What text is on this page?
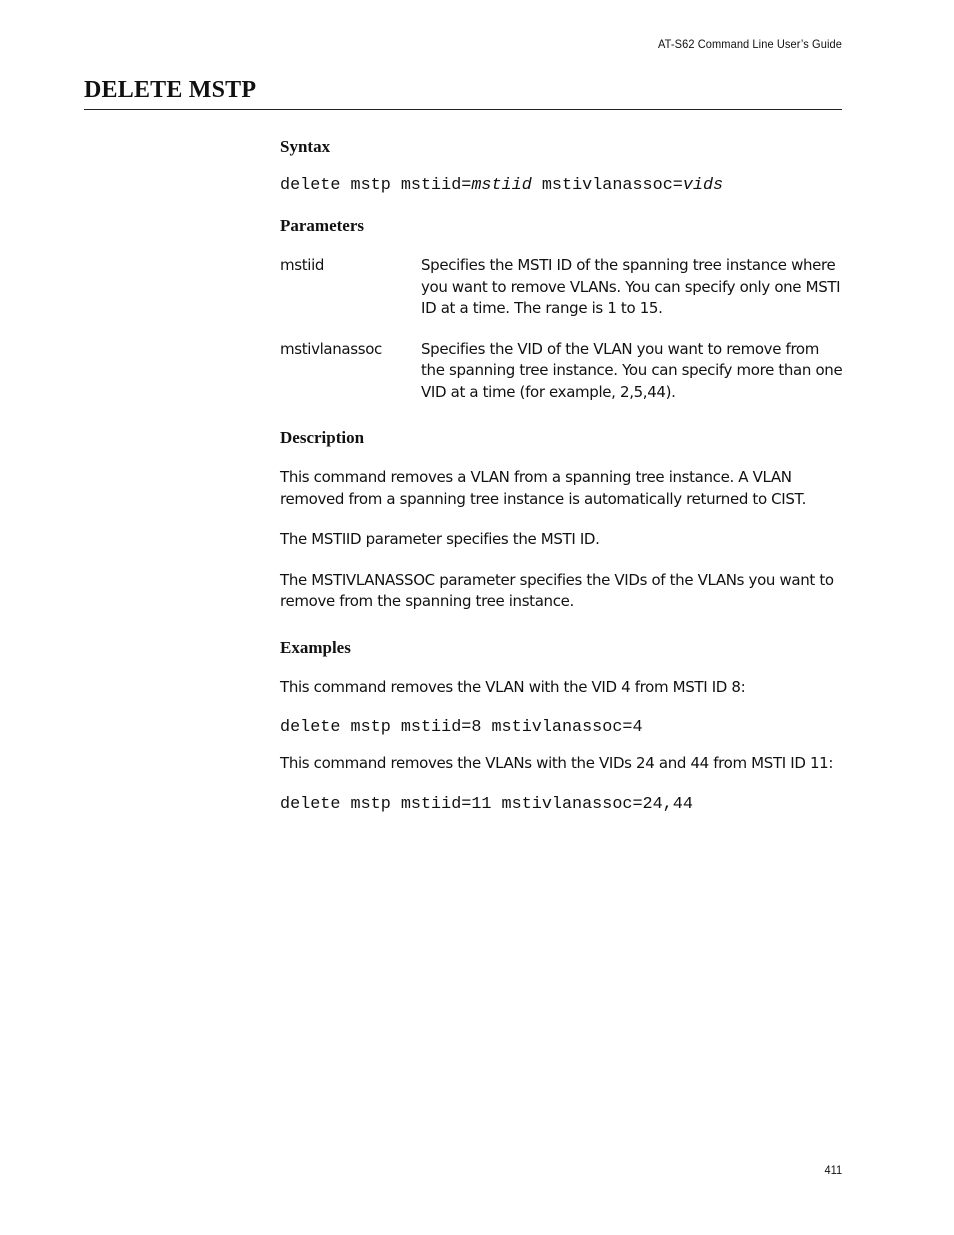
AT-S62 Command Line User’s Guide
DELETE MSTP
Syntax

delete mstp mstiid=mstiid mstivlanassoc=vids

Parameters
mstiid	Specifies the MSTI ID of the spanning tree instance where you want to remove VLANs. You can specify only one MSTI ID at a time. The range is 1 to 15.
mstivlanassoc	Specifies the VID of the VLAN you want to remove from the spanning tree instance. You can specify more than one VID at a time (for example, 2,5,44).
Description

This command removes a VLAN from a spanning tree instance. A VLAN removed from a spanning tree instance is automatically returned to CIST.

The MSTIID parameter specifies the MSTI ID.

The MSTIVLANASSOC parameter specifies the VIDs of the VLANs you want to remove from the spanning tree instance.

Examples

This command removes the VLAN with the VID 4 from MSTI ID 8:

delete mstp mstiid=8 mstivlanassoc=4

This command removes the VLANs with the VIDs 24 and 44 from MSTI ID 11:

delete mstp mstiid=11 mstivlanassoc=24,44

411
